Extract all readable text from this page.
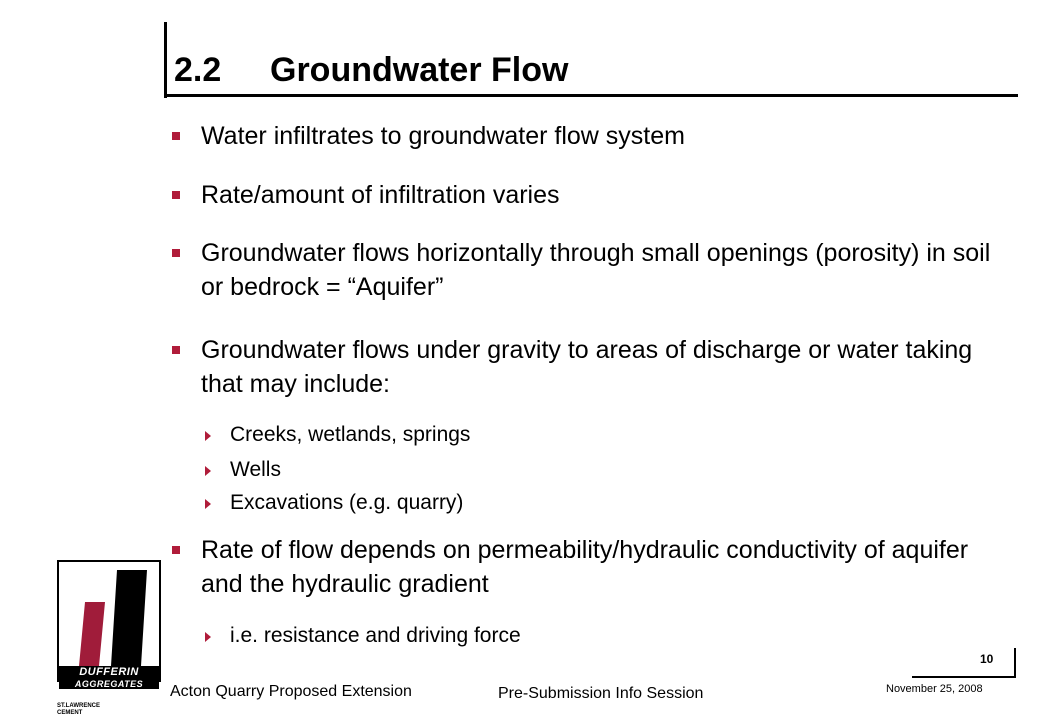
2.2 Groundwater Flow
Water infiltrates to groundwater flow system
Rate/amount of infiltration varies
Groundwater flows horizontally through small openings (porosity) in soil or bedrock = “Aquifer”
Groundwater flows under gravity to areas of discharge or water taking that may include:
Creeks, wetlands, springs
Wells
Excavations (e.g. quarry)
Rate of flow depends on permeability/hydraulic conductivity of aquifer and the hydraulic gradient
i.e. resistance and driving force
DUFFERIN
AGGREGATES
ST.LAWRENCE
CEMENT
Acton Quarry Proposed Extension	Pre-Submission Info Session	November 25, 2008
10
